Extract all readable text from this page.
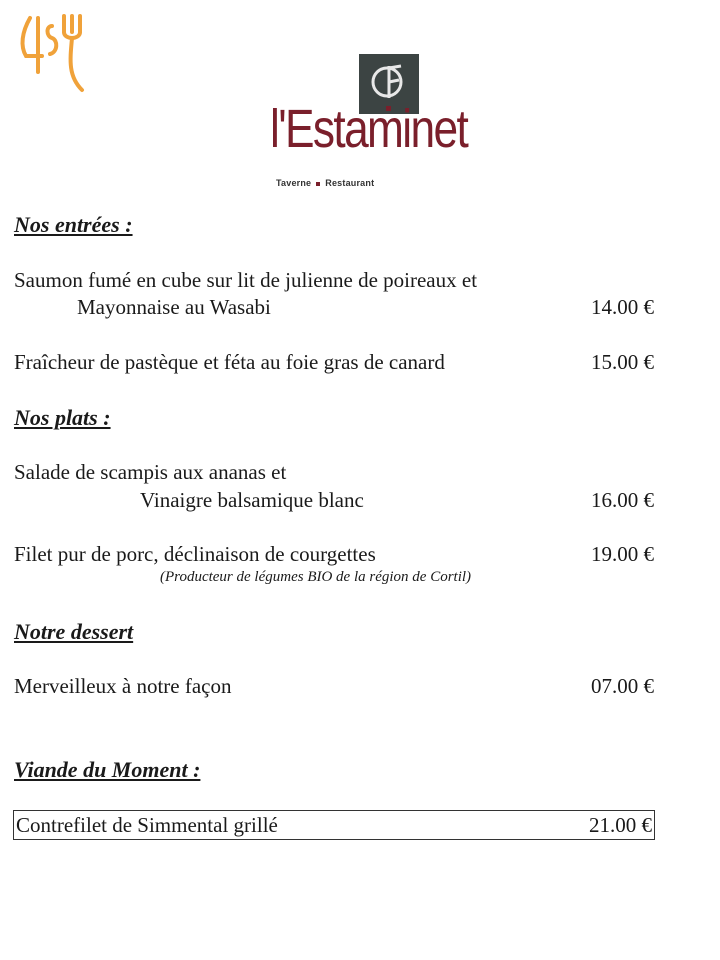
l'Estaminet
Taverne Restaurant
Nos entrées :
Saumon fumé en cube sur lit de julienne de poireaux et
Mayonnaise au Wasabi	14.00 €
Fraîcheur de pastèque et féta au foie gras de canard	15.00 €
Nos plats :
Salade de scampis aux ananas et
Vinaigre balsamique blanc	16.00 €
Filet pur de porc, déclinaison de courgettes	19.00 €
(Producteur de légumes BIO de la région de Cortil)
Notre dessert
Merveilleux à notre façon	07.00 €
Viande du Moment :
Contrefilet de Simmental grillé	21.00 €
